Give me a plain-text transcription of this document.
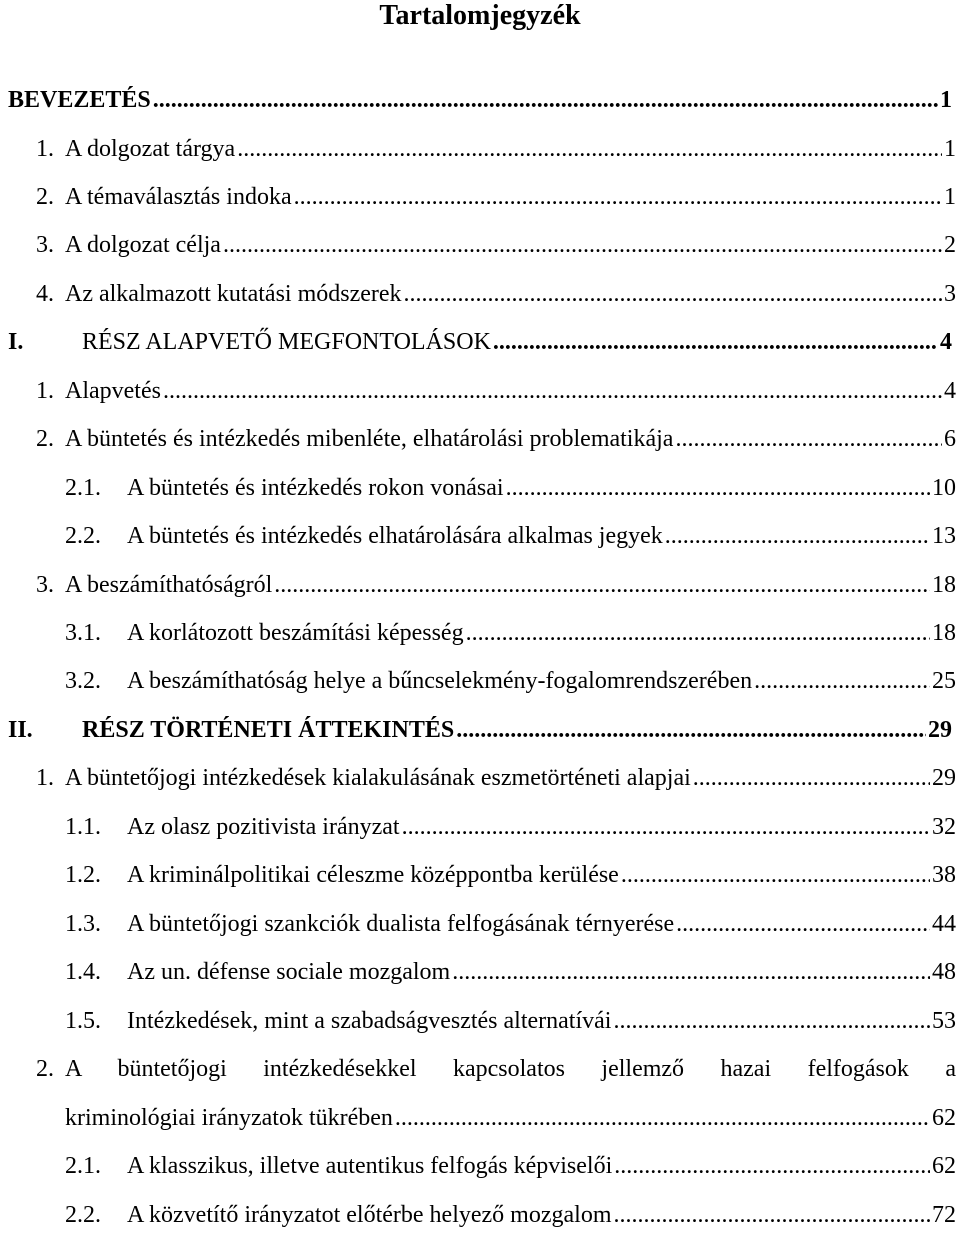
Tartalomjegyzék
BEVEZETÉS .....	1
1. A dolgozat tárgya .....	1
2. A témaválasztás indoka .....	1
3. A dolgozat célja .....	2
4. Az alkalmazott kutatási módszerek .....	3
I.	RÉSZ ALAPVETŐ MEGFONTOLÁSOK .....	4
1. Alapvetés .....	4
2. A büntetés és intézkedés mibenléte, elhatárolási problematikája .....	6
2.1.	A büntetés és intézkedés rokon vonásai .....	10
2.2.	A büntetés és intézkedés elhatárolására alkalmas jegyek .....	13
3. A beszámíthatóságról .....	18
3.1.	A korlátozott beszámítási képesség .....	18
3.2.	A beszámíthatóság helye a bűncselekmény-fogalomrendszerében .....	25
II.	RÉSZ TÖRTÉNETI ÁTTEKINTÉS .....	29
1. A büntetőjogi intézkedések kialakulásának eszmetörténeti alapjai .....	29
1.1.	Az olasz pozitivista irányzat .....	32
1.2.	A kriminálpolitikai céleszme középpontba kerülése .....	38
1.3.	A büntetőjogi szankciók dualista felfogásának térnyerése .....	44
1.4.	Az un. défense sociale mozgalom .....	48
1.5.	Intézkedések, mint a szabadságvesztés alternatívái .....	53
2. A büntetőjogi intézkedésekkel kapcsolatos jellemző hazai felfogások a
kriminológiai irányzatok tükrében .....	62
2.1.	A klasszikus, illetve autentikus felfogás képviselői .....	62
2.2.	A közvetítő irányzatot előtérbe helyező mozgalom .....	72
